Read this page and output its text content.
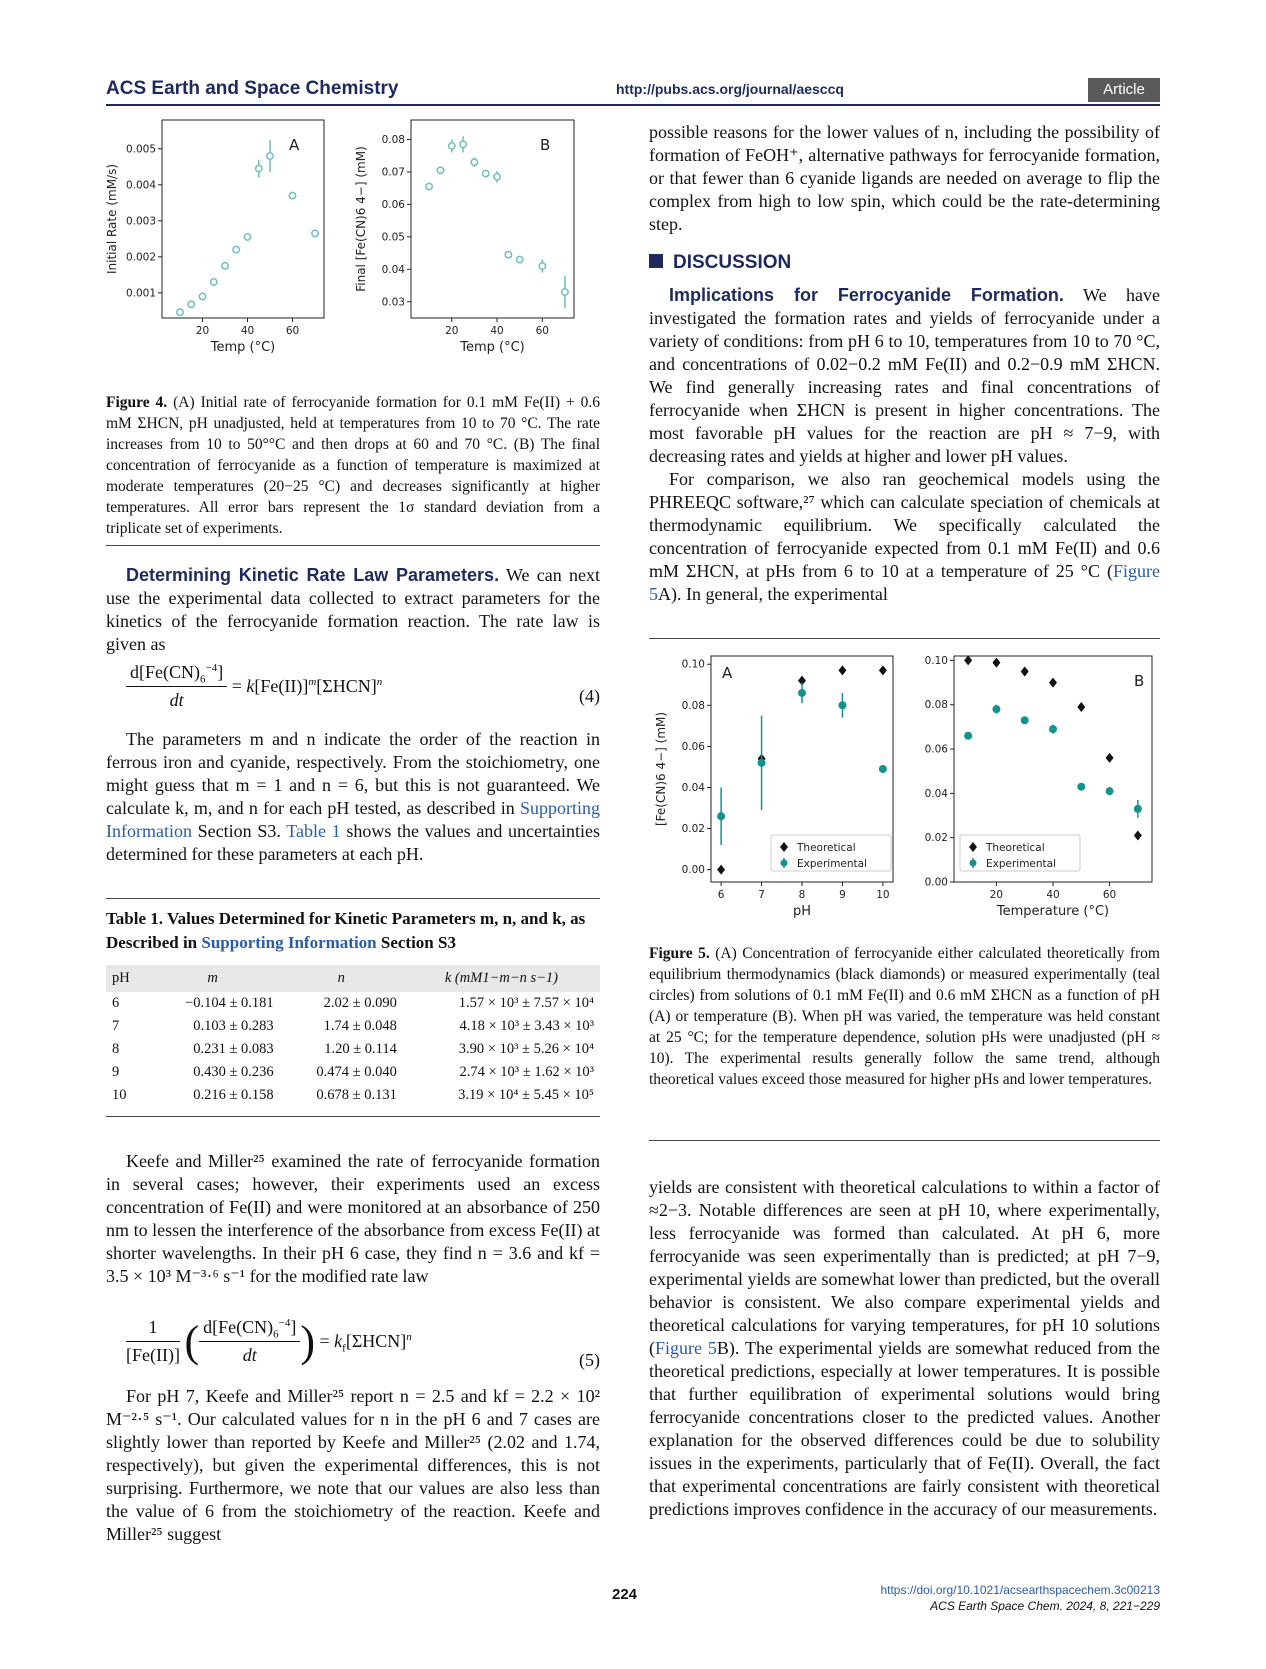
ACS Earth and Space Chemistry	http://pubs.acs.org/journal/aesccq	Article
20	40	60
0.001
0.002
0.003
0.004
0.005
Temp (°C)
Initial Rate (mM/s)
A
20	40	60
0.03
0.04
0.05
0.06
0.07
0.08
Temp (°C)
Final [Fe(CN)6 4−] (mM)
B
Figure 4. (A) Initial rate of ferrocyanide formation for 0.1 mM Fe(II) + 0.6 mM ΣHCN, pH unadjusted, held at temperatures from 10 to 70 °C. The rate increases from 10 to 50°°C and then drops at 60 and 70 °C. (B) The final concentration of ferrocyanide as a function of temperature is maximized at moderate temperatures (20−25 °C) and decreases significantly at higher temperatures. All error bars represent the 1σ standard deviation from a triplicate set of experiments.

Determining Kinetic Rate Law Parameters. We can next use the experimental data collected to extract parameters for the kinetics of the ferrocyanide formation reaction. The rate law is given as

$\frac{d[Fe(CN)_6^{-4}]}{dt} = k[Fe(II)]^m[\Sigma HCN]^n$
(4)

The parameters m and n indicate the order of the reaction in ferrous iron and cyanide, respectively. From the stoichiometry, one might guess that m = 1 and n = 6, but this is not guaranteed. We calculate k, m, and n for each pH tested, as described in Supporting Information Section S3. Table 1 shows the values and uncertainties determined for these parameters at each pH.

Table 1. Values Determined for Kinetic Parameters m, n, and k, as Described in Supporting Information Section S3
pH	m	n	k (mM1−m−n s−1)
6	−0.104 ± 0.181	2.02 ± 0.090	1.57 × 10³ ± 7.57 × 10⁴
7	0.103 ± 0.283	1.74 ± 0.048	4.18 × 10³ ± 3.43 × 10³
8	0.231 ± 0.083	1.20 ± 0.114	3.90 × 10³ ± 5.26 × 10⁴
9	0.430 ± 0.236	0.474 ± 0.040	2.74 × 10³ ± 1.62 × 10³
10	0.216 ± 0.158	0.678 ± 0.131	3.19 × 10⁴ ± 5.45 × 10⁵

Keefe and Miller²⁵ examined the rate of ferrocyanide formation in several cases; however, their experiments used an excess concentration of Fe(II) and were monitored at an absorbance of 250 nm to lessen the interference of the absorbance from excess Fe(II) at shorter wavelengths. In their pH 6 case, they find n = 3.6 and kf = 3.5 × 10³ M⁻³·⁶ s⁻¹ for the modified rate law

$\frac{1}{[Fe(II)]}$ ( $\frac{d[Fe(CN)_6^{-4}]}{dt}$ ) = $k_f[\Sigma HCN]^n$
(5)

For pH 7, Keefe and Miller²⁵ report n = 2.5 and kf = 2.2 × 10² M⁻²·⁵ s⁻¹. Our calculated values for n in the pH 6 and 7 cases are slightly lower than reported by Keefe and Miller²⁵ (2.02 and 1.74, respectively), but given the experimental differences, this is not surprising. Furthermore, we note that our values are also less than the value of 6 from the stoichiometry of the reaction. Keefe and Miller²⁵ suggest

possible reasons for the lower values of n, including the possibility of formation of FeOH⁺, alternative pathways for ferrocyanide formation, or that fewer than 6 cyanide ligands are needed on average to flip the complex from high to low spin, which could be the rate-determining step.

DISCUSSION

Implications for Ferrocyanide Formation. We have investigated the formation rates and yields of ferrocyanide under a variety of conditions: from pH 6 to 10, temperatures from 10 to 70 °C, and concentrations of 0.02−0.2 mM Fe(II) and 0.2−0.9 mM ΣHCN. We find generally increasing rates and final concentrations of ferrocyanide when ΣHCN is present in higher concentrations. The most favorable pH values for the reaction are pH ≈ 7−9, with decreasing rates and yields at higher and lower pH values.

For comparison, we also ran geochemical models using the PHREEQC software,²⁷ which can calculate speciation of chemicals at thermodynamic equilibrium. We specifically calculated the concentration of ferrocyanide expected from 0.1 mM Fe(II) and 0.6 mM ΣHCN, at pHs from 6 to 10 at a temperature of 25 °C (Figure 5A). In general, the experimental

6	7	8	9	10
0.00
0.02
0.04
0.06
0.08
0.10
pH
[Fe(CN)6 4−] (mM)
A
Theoretical
Experimental
20	40	60
0.00
0.02
0.04
0.06
0.08
0.10
Temperature (°C)
B
Theoretical
Experimental
Figure 5. (A) Concentration of ferrocyanide either calculated theoretically from equilibrium thermodynamics (black diamonds) or measured experimentally (teal circles) from solutions of 0.1 mM Fe(II) and 0.6 mM ΣHCN as a function of pH (A) or temperature (B). When pH was varied, the temperature was held constant at 25 °C; for the temperature dependence, solution pHs were unadjusted (pH ≈ 10). The experimental results generally follow the same trend, although theoretical values exceed those measured for higher pHs and lower temperatures.

yields are consistent with theoretical calculations to within a factor of ≈2−3. Notable differences are seen at pH 10, where experimentally, less ferrocyanide was formed than calculated. At pH 6, more ferrocyanide was seen experimentally than is predicted; at pH 7−9, experimental yields are somewhat lower than predicted, but the overall behavior is consistent. We also compare experimental yields and theoretical calculations for varying temperatures, for pH 10 solutions (Figure 5B). The experimental yields are somewhat reduced from the theoretical predictions, especially at lower temperatures. It is possible that further equilibration of experimental solutions would bring ferrocyanide concentrations closer to the predicted values. Another explanation for the observed differences could be due to solubility issues in the experiments, particularly that of Fe(II). Overall, the fact that experimental concentrations are fairly consistent with theoretical predictions improves confidence in the accuracy of our measurements.

224	https://doi.org/10.1021/acsearthspacechem.3c00213
ACS Earth Space Chem. 2024, 8, 221−229
